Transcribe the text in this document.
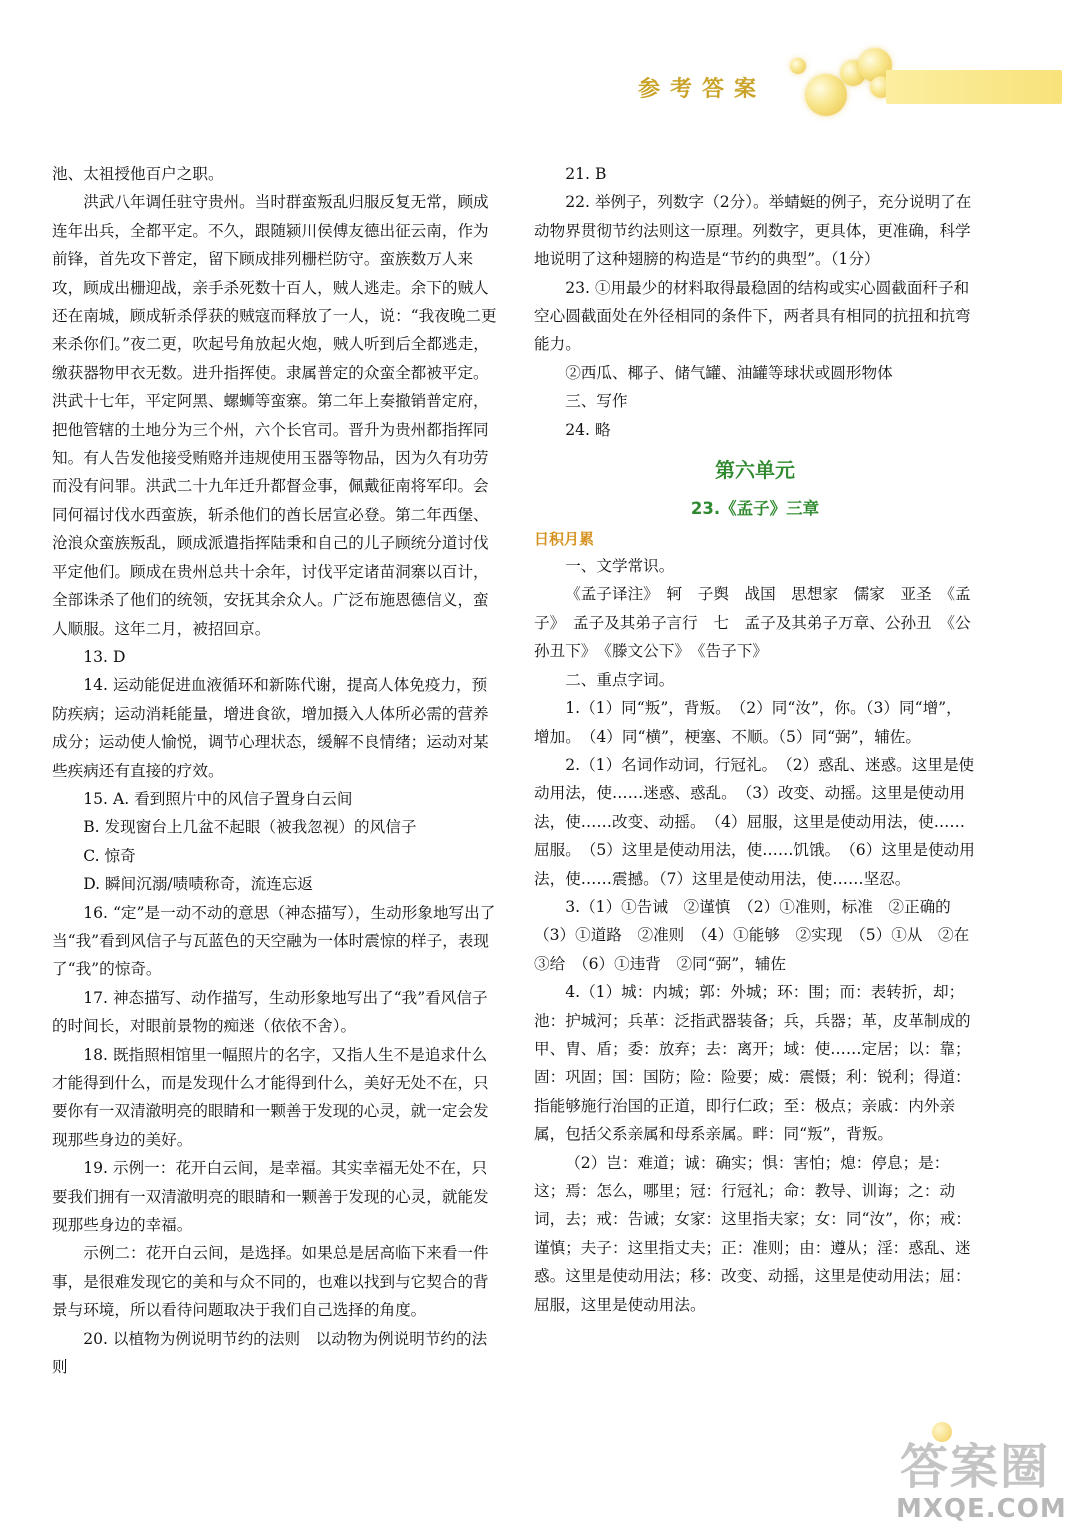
参考答案

池、太祖授他百户之职。

洪武八年调任驻守贵州。当时群蛮叛乱归服反复无常，顾成连年出兵，全都平定。不久，跟随颍川侯傅友德出征云南，作为前锋，首先攻下普定，留下顾成排列栅栏防守。蛮族数万人来攻，顾成出栅迎战，亲手杀死数十百人，贼人逃走。余下的贼人还在南城，顾成斩杀俘获的贼寇而释放了一人，说：“我夜晚二更来杀你们。”夜二更，吹起号角放起火炮，贼人听到后全都逃走，缴获器物甲衣无数。进升指挥使。隶属普定的众蛮全都被平定。洪武十七年，平定阿黑、螺蛳等蛮寨。第二年上奏撤销普定府，把他管辖的土地分为三个州，六个长官司。晋升为贵州都指挥同知。有人告发他接受贿赂并违规使用玉器等物品，因为久有功劳而没有问罪。洪武二十九年迁升都督佥事，佩戴征南将军印。会同何福讨伐水西蛮族，斩杀他们的酋长居宣必登。第二年西堡、沧浪众蛮族叛乱，顾成派遣指挥陆秉和自己的儿子顾统分道讨伐平定他们。顾成在贵州总共十余年，讨伐平定诸苗洞寨以百计，全部诛杀了他们的统领，安抚其余众人。广泛布施恩德信义，蛮人顺服。这年二月，被招回京。

13. D

14. 运动能促进血液循环和新陈代谢，提高人体免疫力，预防疾病；运动消耗能量，增进食欲，增加摄入人体所必需的营养成分；运动使人愉悦，调节心理状态，缓解不良情绪；运动对某些疾病还有直接的疗效。

15. A. 看到照片中的风信子置身白云间

B. 发现窗台上几盆不起眼（被我忽视）的风信子

C. 惊奇

D. 瞬间沉溺/啧啧称奇，流连忘返

16. “定”是一动不动的意思（神态描写），生动形象地写出了当“我”看到风信子与瓦蓝色的天空融为一体时震惊的样子，表现了“我”的惊奇。

17. 神态描写、动作描写，生动形象地写出了“我”看风信子的时间长，对眼前景物的痴迷（依依不舍）。

18. 既指照相馆里一幅照片的名字，又指人生不是追求什么才能得到什么，而是发现什么才能得到什么，美好无处不在，只要你有一双清澈明亮的眼睛和一颗善于发现的心灵，就一定会发现那些身边的美好。

19. 示例一：花开白云间，是幸福。其实幸福无处不在，只要我们拥有一双清澈明亮的眼睛和一颗善于发现的心灵，就能发现那些身边的幸福。

示例二：花开白云间，是选择。如果总是居高临下来看一件事，是很难发现它的美和与众不同的，也难以找到与它契合的背景与环境，所以看待问题取决于我们自己选择的角度。

20. 以植物为例说明节约的法则　以动物为例说明节约的法则

21. B

22. 举例子，列数字（2分）。举蜻蜓的例子，充分说明了在动物界贯彻节约法则这一原理。列数字，更具体，更准确，科学地说明了这种翅膀的构造是“节约的典型”。（1分）

23. ①用最少的材料取得最稳固的结构或实心圆截面秆子和空心圆截面处在外径相同的条件下，两者具有相同的抗扭和抗弯能力。

②西瓜、椰子、储气罐、油罐等球状或圆形物体

三、写作

24. 略

第六单元
23.《孟子》三章
日积月累

一、文学常识。

《孟子译注》　轲　子舆　战国　思想家　儒家　亚圣　《孟子》　孟子及其弟子言行　七　孟子及其弟子万章、公孙丑　《公孙丑下》　《滕文公下》　《告子下》

二、重点字词。

1.（1）同“叛”，背叛。　（2）同“汝”，你。（3）同“增”，增加。　（4）同“横”，梗塞、不顺。（5）同“弼”，辅佐。

2.（1）名词作动词，行冠礼。　（2）惑乱、迷惑。这里是使动用法，使……迷惑、惑乱。　（3）改变、动摇。这里是使动用法，使……改变、动摇。　（4）屈服，这里是使动用法，使……屈服。　（5）这里是使动用法，使……饥饿。　（6）这里是使动用法，使……震撼。（7）这里是使动用法，使……坚忍。

3.（1）①告诫　②谨慎　（2）①准则，标准　②正确的　（3）①道路　②准则　（4）①能够　②实现　（5）①从　②在　③给　（6）①违背　②同“弼”，辅佐

4.（1）城：内城；郭：外城；环：围；而：表转折，却；池：护城河；兵革：泛指武器装备；兵，兵器；革，皮革制成的甲、胄、盾；委：放弃；去：离开；域：使……定居；以：靠；固：巩固；国：国防；险：险要；威：震慑；利：锐利；得道：指能够施行治国的正道，即行仁政；至：极点；亲戚：内外亲属，包括父系亲属和母系亲属。畔：同“叛”，背叛。

（2）岂：难道；诚：确实；惧：害怕；熄：停息；是：这；焉：怎么，哪里；冠：行冠礼；命：教导、训诲；之：动词，去；戒：告诫；女家：这里指夫家；女：同“汝”，你；戒：谨慎；夫子：这里指丈夫；正：准则；由：遵从；淫：惑乱、迷惑。这里是使动用法；移：改变、动摇，这里是使动用法；屈：屈服，这里是使动用法。

答案圈
MXQE.COM
